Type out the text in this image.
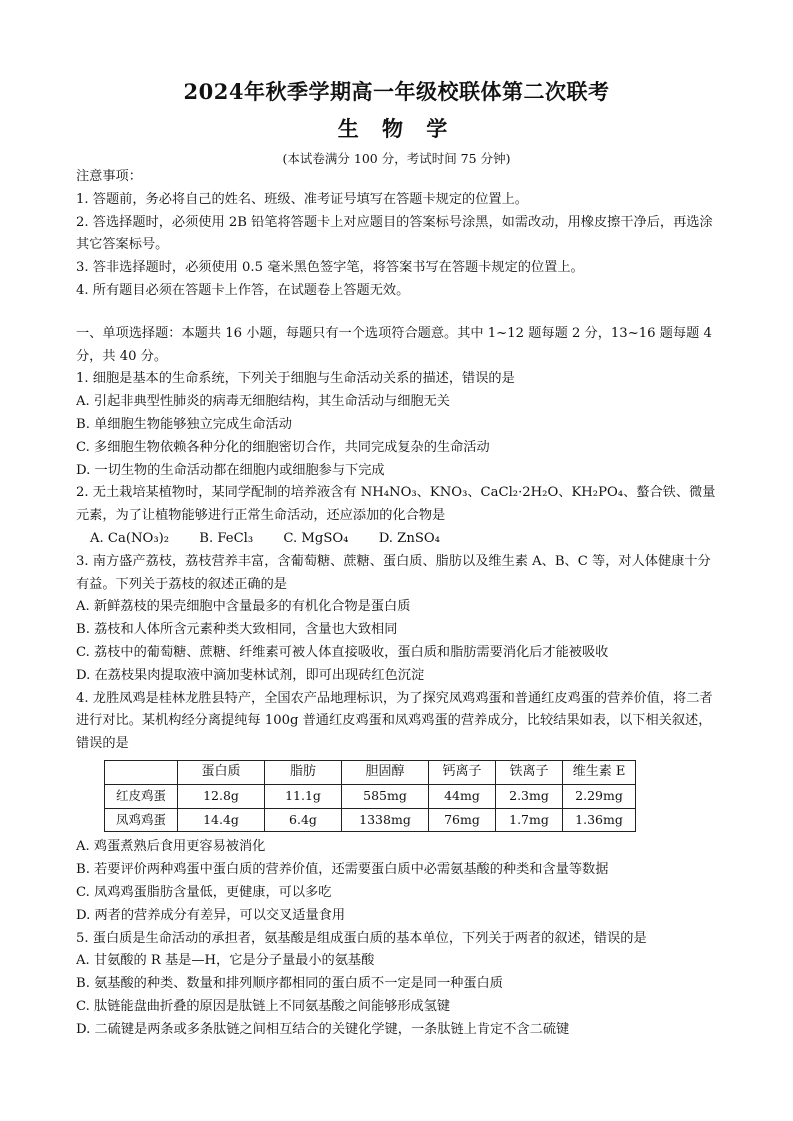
2024年秋季学期高一年级校联体第二次联考
生 物 学
(本试卷满分 100 分，考试时间 75 分钟)
注意事项：
1. 答题前，务必将自己的姓名、班级、准考证号填写在答题卡规定的位置上。
2. 答选择题时，必须使用 2B 铅笔将答题卡上对应题目的答案标号涂黑，如需改动，用橡皮擦干净后，再选涂其它答案标号。
3. 答非选择题时，必须使用 0.5 毫米黑色签字笔，将答案书写在答题卡规定的位置上。
4. 所有题目必须在答题卡上作答，在试题卷上答题无效。
一、单项选择题：本题共 16 小题，每题只有一个选项符合题意。其中 1~12 题每题 2 分，13~16 题每题 4 分，共 40 分。
1. 细胞是基本的生命系统，下列关于细胞与生命活动关系的描述，错误的是
A. 引起非典型性肺炎的病毒无细胞结构，其生命活动与细胞无关
B. 单细胞生物能够独立完成生命活动
C. 多细胞生物依赖各种分化的细胞密切合作，共同完成复杂的生命活动
D. 一切生物的生命活动都在细胞内或细胞参与下完成
2. 无土栽培某植物时，某同学配制的培养液含有 NH₄NO₃、KNO₃、CaCl₂·2H₂O、KH₂PO₄、螯合铁、微量元素，为了让植物能够进行正常生命活动，还应添加的化合物是
A. Ca(NO₃)₂ B. FeCl₃ C. MgSO₄ D. ZnSO₄
3. 南方盛产荔枝，荔枝营养丰富，含葡萄糖、蔗糖、蛋白质、脂肪以及维生素 A、B、C 等，对人体健康十分有益。下列关于荔枝的叙述正确的是
A. 新鲜荔枝的果壳细胞中含量最多的有机化合物是蛋白质
B. 荔枝和人体所含元素种类大致相同，含量也大致相同
C. 荔枝中的葡萄糖、蔗糖、纤维素可被人体直接吸收，蛋白质和脂肪需要消化后才能被吸收
D. 在荔枝果肉提取液中滴加斐林试剂，即可出现砖红色沉淀
4. 龙胜凤鸡是桂林龙胜县特产，全国农产品地理标识，为了探究凤鸡鸡蛋和普通红皮鸡蛋的营养价值，将二者进行对比。某机构经分离提纯每 100g 普通红皮鸡蛋和凤鸡鸡蛋的营养成分，比较结果如表，以下相关叙述，错误的是
	蛋白质	脂肪	胆固醇	钙离子	铁离子	维生素 E
红皮鸡蛋	12.8g	11.1g	585mg	44mg	2.3mg	2.29mg
凤鸡鸡蛋	14.4g	6.4g	1338mg	76mg	1.7mg	1.36mg
A. 鸡蛋煮熟后食用更容易被消化
B. 若要评价两种鸡蛋中蛋白质的营养价值，还需要蛋白质中必需氨基酸的种类和含量等数据
C. 凤鸡鸡蛋脂肪含量低，更健康，可以多吃
D. 两者的营养成分有差异，可以交叉适量食用
5. 蛋白质是生命活动的承担者，氨基酸是组成蛋白质的基本单位，下列关于两者的叙述，错误的是
A. 甘氨酸的 R 基是—H，它是分子量最小的氨基酸
B. 氨基酸的种类、数量和排列顺序都相同的蛋白质不一定是同一种蛋白质
C. 肽链能盘曲折叠的原因是肽链上不同氨基酸之间能够形成氢键
D. 二硫键是两条或多条肽链之间相互结合的关键化学键，一条肽链上肯定不含二硫键
